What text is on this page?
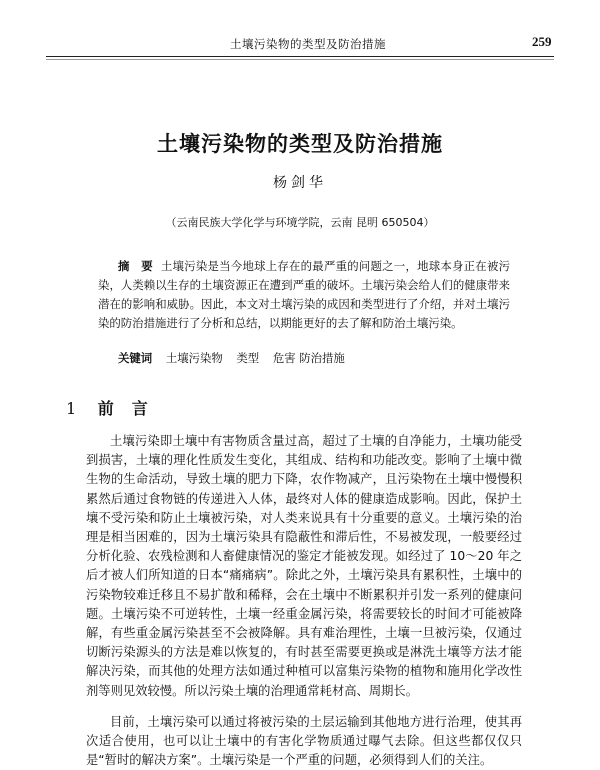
土壤污染物的类型及防治措施	259
土壤污染物的类型及防治措施
杨剑华
（云南民族大学化学与环境学院，云南 昆明 650504）

摘　要 土壤污染是当今地球上存在的最严重的问题之一，地球本身正在被污染，人类赖以生存的土壤资源正在遭到严重的破坏。土壤污染会给人们的健康带来潜在的影响和威胁。因此，本文对土壤污染的成因和类型进行了介绍，并对土壤污染的防治措施进行了分析和总结，以期能更好的去了解和防治土壤污染。

关键词 土壤污染物 类型 危害 防治措施
1 前　言

土壤污染即土壤中有害物质含量过高，超过了土壤的自净能力，土壤功能受到损害，土壤的理化性质发生变化，其组成、结构和功能改变。影响了土壤中微生物的生命活动，导致土壤的肥力下降，农作物减产，且污染物在土壤中慢慢积累然后通过食物链的传递进入人体，最终对人体的健康造成影响。因此，保护土壤不受污染和防止土壤被污染，对人类来说具有十分重要的意义。土壤污染的治理是相当困难的，因为土壤污染具有隐蔽性和滞后性，不易被发现，一般要经过分析化验、农残检测和人畜健康情况的鉴定才能被发现。如经过了 10～20 年之后才被人们所知道的日本“痛痛病”。除此之外，土壤污染具有累积性，土壤中的污染物较难迁移且不易扩散和稀释，会在土壤中不断累积并引发一系列的健康问题。土壤污染不可逆转性，土壤一经重金属污染，将需要较长的时间才可能被降解，有些重金属污染甚至不会被降解。具有难治理性，土壤一旦被污染，仅通过切断污染源头的方法是难以恢复的，有时甚至需要更换或是淋洗土壤等方法才能解决污染，而其他的处理方法如通过种植可以富集污染物的植物和施用化学改性剂等则见效较慢。所以污染土壤的治理通常耗材高、周期长。

目前，土壤污染可以通过将被污染的土层运输到其他地方进行治理，使其再次适合使用，也可以让土壤中的有害化学物质通过曝气去除。但这些都仅仅只是“暂时的解决方案”。土壤污染是一个严重的问题，必须得到人们的关注。
